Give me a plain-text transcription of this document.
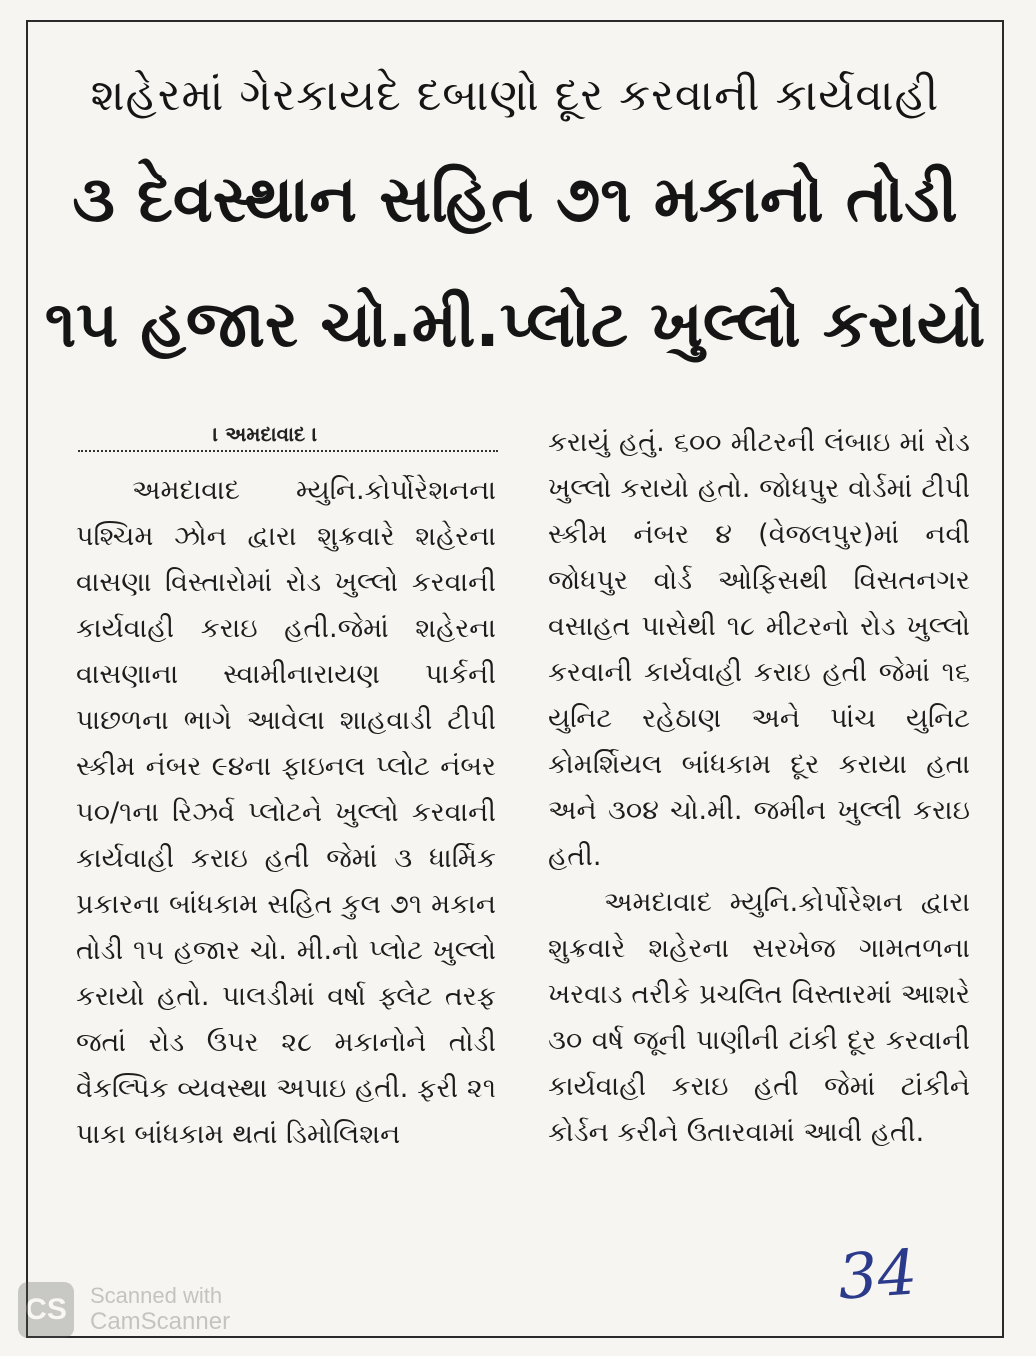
શહેરમાં ગેરકાયદે દબાણો દૂર કરવાની કાર્યવાહી
૩ દેવસ્થાન સહિત ૭૧ મકાનો તોડી
૧૫ હજાર ચો.મી.પ્લોટ ખુલ્લો કરાયો
। અમદાવાદ ।

અમદાવાદ મ્યુનિ.કોર્પોરેશનના પશ્ચિમ ઝોન દ્વારા શુક્રવારે શહેરના વાસણા વિસ્તારોમાં રોડ ખુલ્લો કરવાની કાર્યવાહી કરાઇ હતી.જેમાં શહેરના વાસણાના સ્વામીનારાયણ પાર્કની પાછળના ભાગે આવેલા શાહવાડી ટીપી સ્કીમ નંબર ૯૪ના ફાઇનલ પ્લોટ નંબર ૫૦/૧ના રિઝર્વ પ્લોટને ખુલ્લો કરવાની કાર્યવાહી કરાઇ હતી જેમાં ૩ ધાર્મિક પ્રકારના બાંધકામ સહિત કુલ ૭૧ મકાન તોડી ૧૫ હજાર ચો. મી.નો પ્લોટ ખુલ્લો કરાયો હતો. પાલડીમાં વર્ષા ફ્લેટ તરફ જતાં રોડ ઉપર ૨૮ મકાનોને તોડી વૈકલ્પિક વ્યવસ્થા અપાઇ હતી. ફરી ૨૧ પાકા બાંધકામ થતાં ડિમોલિશન

કરાયું હતું. ૬૦૦ મીટરની લંબાઇ માં રોડ ખુલ્લો કરાયો હતો. જોધપુર વોર્ડમાં ટીપી સ્કીમ નંબર ૪ (વેજલપુર)માં નવી જોધપુર વોર્ડ ઓફિસથી વિસતનગર વસાહત પાસેથી ૧૮ મીટરનો રોડ ખુલ્લો કરવાની કાર્યવાહી કરાઇ હતી જેમાં ૧૬ યુનિટ રહેઠાણ અને પાંચ યુનિટ કોમર્શિયલ બાંધકામ દૂર કરાયા હતા અને ૩૦૪ ચો.મી. જમીન ખુલ્લી કરાઇ હતી.

અમદાવાદ મ્યુનિ.કોર્પોરેશન દ્વારા શુક્રવારે શહેરના સરખેજ ગામતળના ખરવાડ તરીકે પ્રચલિત વિસ્તારમાં આશરે ૩૦ વર્ષ જૂની પાણીની ટાંકી દૂર કરવાની કાર્યવાહી કરાઇ હતી જેમાં ટાંકીને કોર્ડન કરીને ઉતારવામાં આવી હતી.

34
CS	Scanned with
CamScanner
